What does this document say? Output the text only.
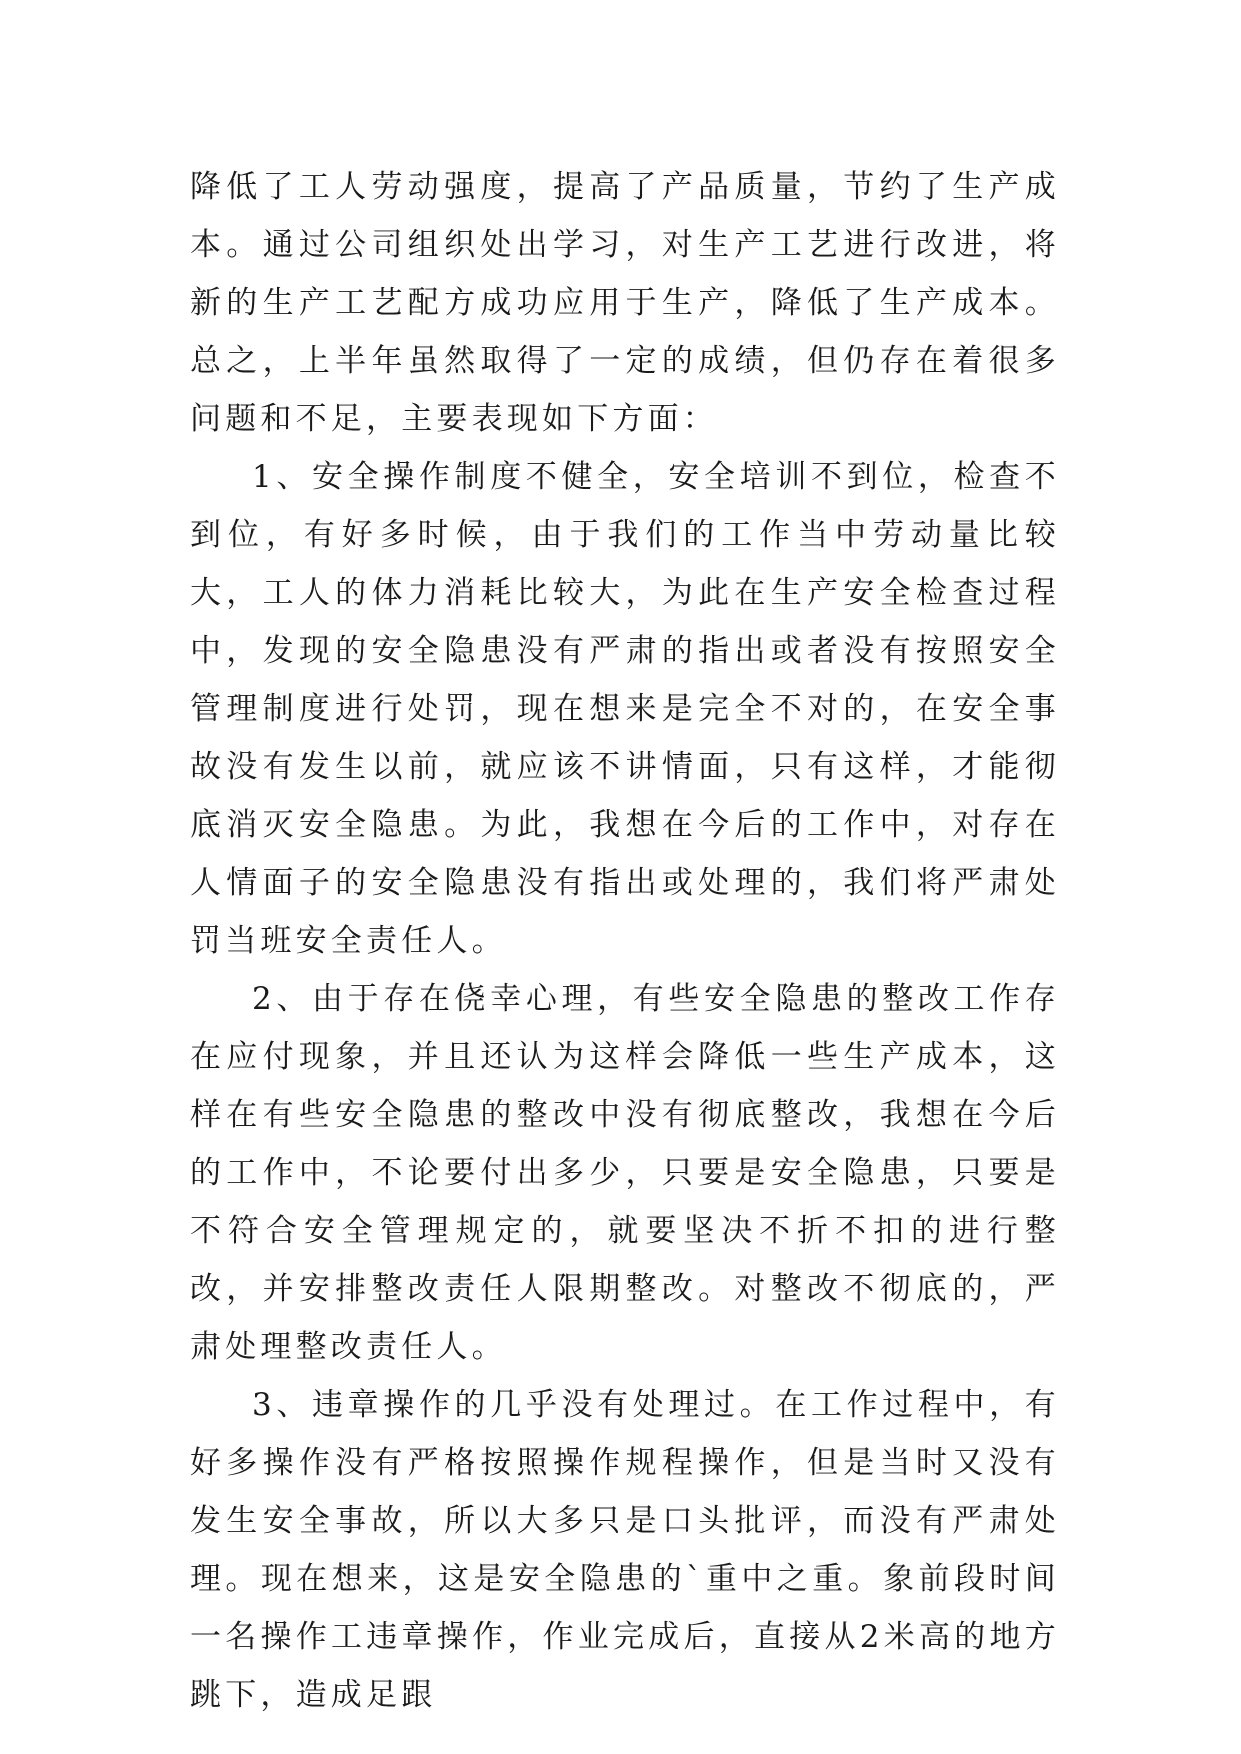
降低了工人劳动强度，提高了产品质量，节约了生产成本。通过公司组织处出学习，对生产工艺进行改进，将新的生产工艺配方成功应用于生产，降低了生产成本。总之，上半年虽然取得了一定的成绩，但仍存在着很多问题和不足，主要表现如下方面：

1、安全操作制度不健全，安全培训不到位，检查不到位，有好多时候，由于我们的工作当中劳动量比较大，工人的体力消耗比较大，为此在生产安全检查过程中，发现的安全隐患没有严肃的指出或者没有按照安全管理制度进行处罚，现在想来是完全不对的，在安全事故没有发生以前，就应该不讲情面，只有这样，才能彻底消灭安全隐患。为此，我想在今后的工作中，对存在人情面子的安全隐患没有指出或处理的，我们将严肃处罚当班安全责任人。

2、由于存在侥幸心理，有些安全隐患的整改工作存在应付现象，并且还认为这样会降低一些生产成本，这样在有些安全隐患的整改中没有彻底整改，我想在今后的工作中，不论要付出多少，只要是安全隐患，只要是不符合安全管理规定的，就要坚决不折不扣的进行整改，并安排整改责任人限期整改。对整改不彻底的，严肃处理整改责任人。

3、违章操作的几乎没有处理过。在工作过程中，有好多操作没有严格按照操作规程操作，但是当时又没有发生安全事故，所以大多只是口头批评，而没有严肃处理。现在想来，这是安全隐患的`重中之重。象前段时间一名操作工违章操作，作业完成后，直接从2米高的地方跳下，造成足跟
